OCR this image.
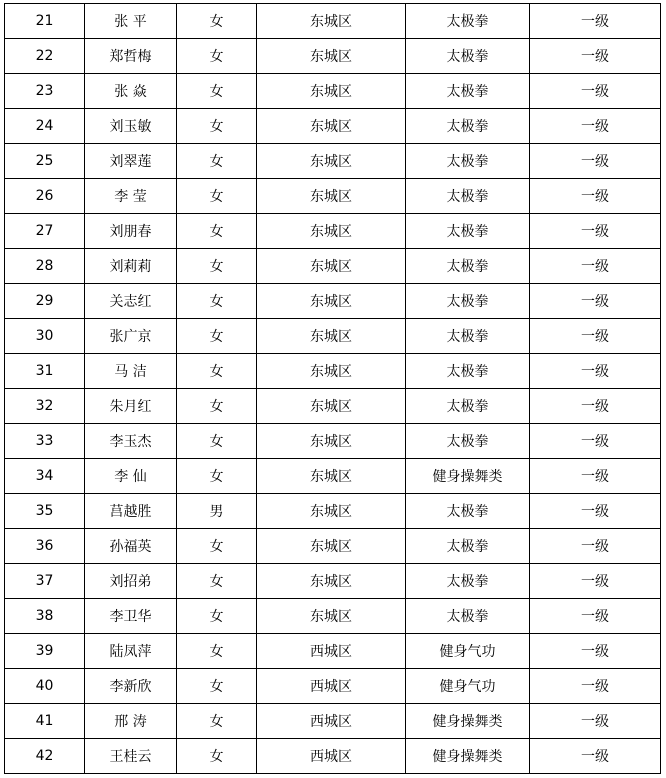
21	张 平	女	东城区	太极拳	一级
22	郑哲梅	女	东城区	太极拳	一级
23	张 焱	女	东城区	太极拳	一级
24	刘玉敏	女	东城区	太极拳	一级
25	刘翠莲	女	东城区	太极拳	一级
26	李 莹	女	东城区	太极拳	一级
27	刘朋春	女	东城区	太极拳	一级
28	刘莉莉	女	东城区	太极拳	一级
29	关志红	女	东城区	太极拳	一级
30	张广京	女	东城区	太极拳	一级
31	马 洁	女	东城区	太极拳	一级
32	朱月红	女	东城区	太极拳	一级
33	李玉杰	女	东城区	太极拳	一级
34	李 仙	女	东城区	健身操舞类	一级
35	莒越胜	男	东城区	太极拳	一级
36	孙福英	女	东城区	太极拳	一级
37	刘招弟	女	东城区	太极拳	一级
38	李卫华	女	东城区	太极拳	一级
39	陆凤萍	女	西城区	健身气功	一级
40	李新欣	女	西城区	健身气功	一级
41	邢 涛	女	西城区	健身操舞类	一级
42	王桂云	女	西城区	健身操舞类	一级
